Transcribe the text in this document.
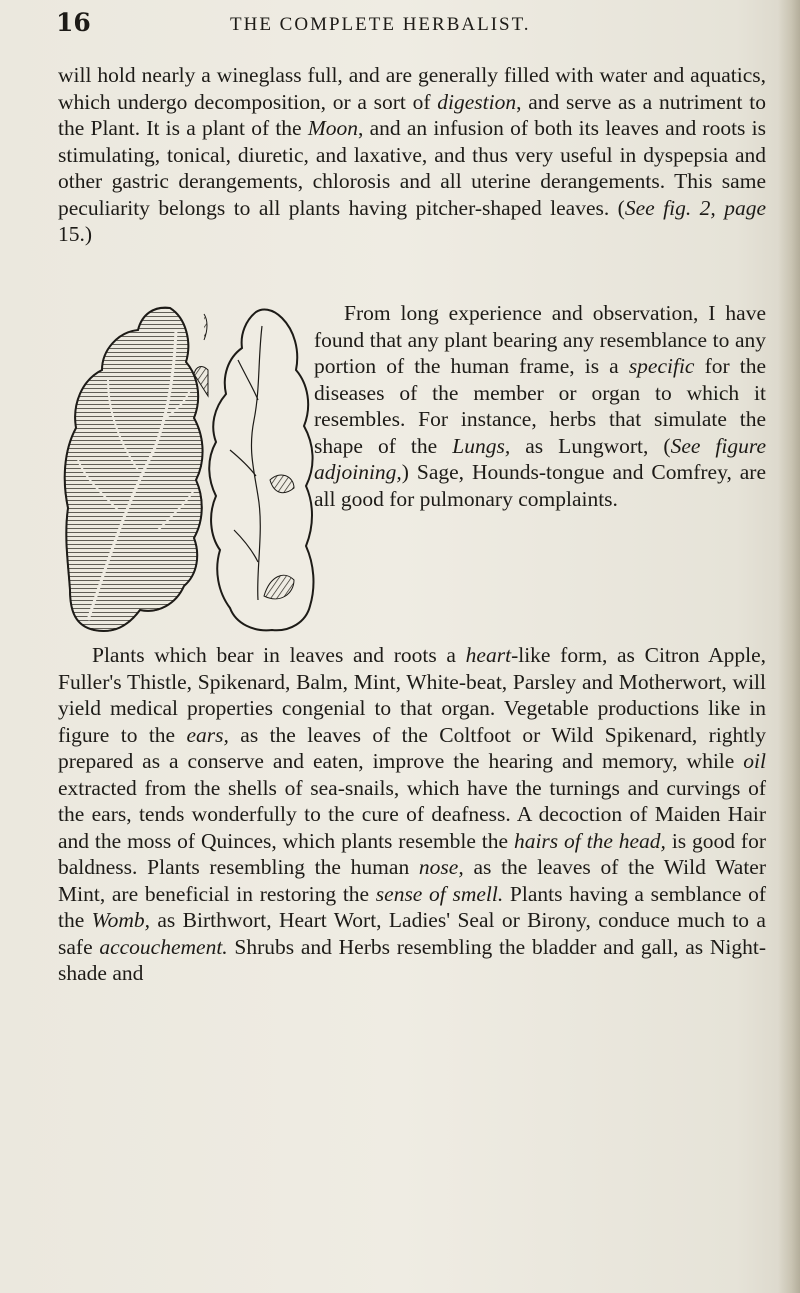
16	THE COMPLETE HERBALIST.

will hold nearly a wineglass full, and are generally filled with water and aquatics, which undergo decomposition, or a sort of digestion, and serve as a nutriment to the Plant. It is a plant of the Moon, and an infusion of both its leaves and roots is stimulating, tonical, diuretic, and laxative, and thus very useful in dyspepsia and other gastric derangements, chlorosis and all uterine derangements. This same peculiarity belongs to all plants having pitcher-shaped leaves. (See fig. 2, page 15.)

From long experience and observation, I have found that any plant bearing any resemblance to any portion of the human frame, is a specific for the diseases of the member or organ to which it resembles. For instance, herbs that simulate the shape of the Lungs, as Lungwort, (See figure adjoining,) Sage, Hounds-tongue and Comfrey, are all good for pulmonary complaints.

Plants which bear in leaves and roots a heart-like form, as Citron Apple, Fuller's Thistle, Spikenard, Balm, Mint, White-beat, Parsley and Motherwort, will yield medical properties congenial to that organ. Vegetable productions like in figure to the ears, as the leaves of the Coltfoot or Wild Spikenard, rightly prepared as a conserve and eaten, improve the hearing and memory, while oil extracted from the shells of sea-snails, which have the turnings and curvings of the ears, tends wonderfully to the cure of deafness. A decoction of Maiden Hair and the moss of Quinces, which plants resemble the hairs of the head, is good for baldness. Plants resembling the human nose, as the leaves of the Wild Water Mint, are beneficial in restoring the sense of smell. Plants having a semblance of the Womb, as Birthwort, Heart Wort, Ladies' Seal or Birony, conduce much to a safe accouchement. Shrubs and Herbs resembling the bladder and gall, as Night-shade and
